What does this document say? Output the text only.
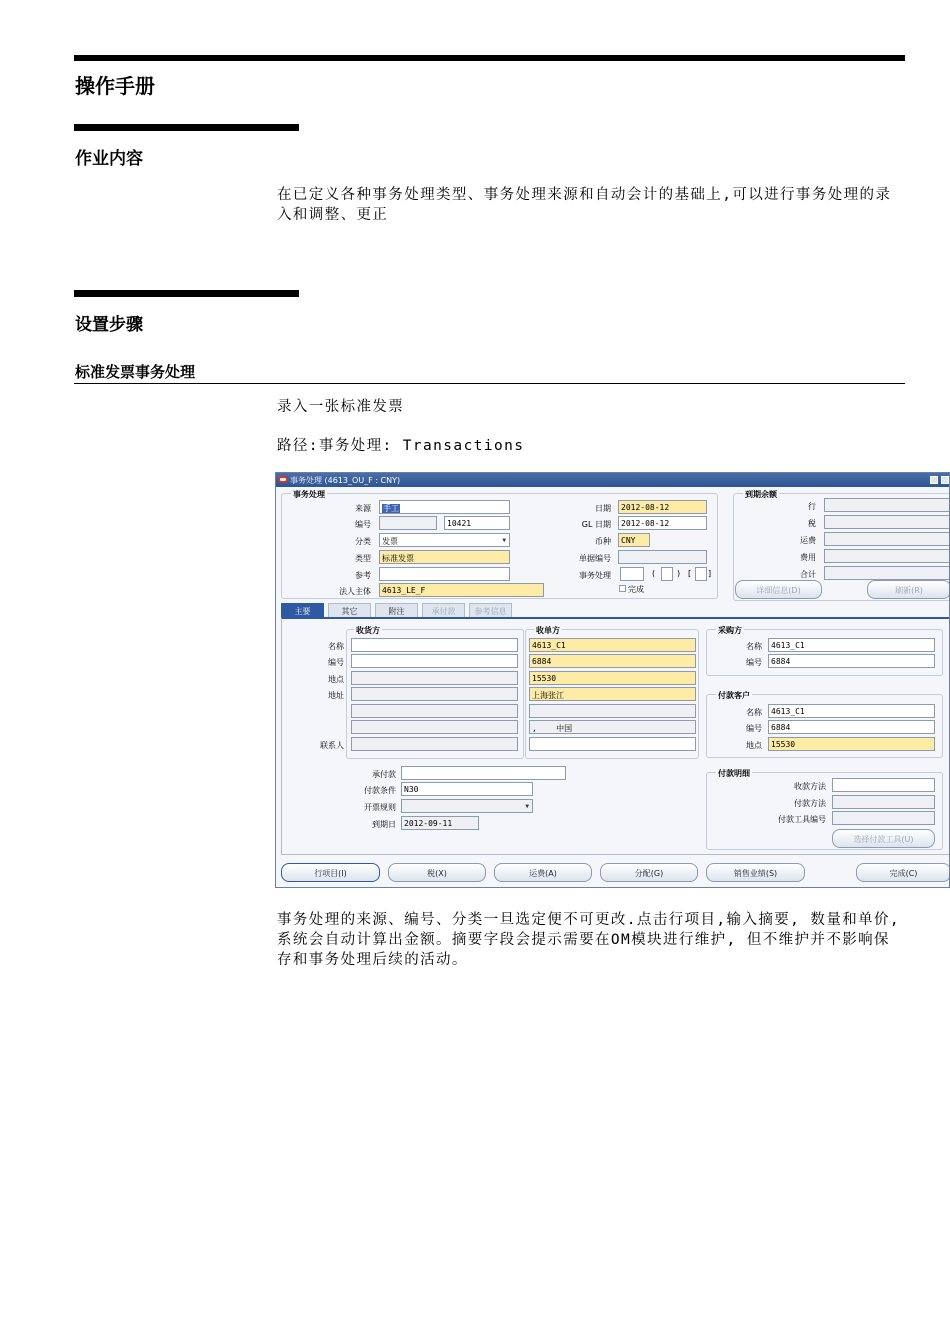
操作手册
作业内容
在已定义各种事务处理类型、事务处理来源和自动会计的基础上,可以进行事务处理的录入和调整、更正
设置步骤
标准发票事务处理
录入一张标准发票
路径:事务处理: Transactions
事务处理 (4613_OU_F : CNY)
事务处理
来源	手工
编号	10421
分类	发票	▼
类型	标准发票
参考
法人主体	4613_LE_F
日期	2012-08-12
GL 日期	2012-08-12
币种	CNY
单据编号
事务处理	(	) [ ]
完成
到期余额
行
税
运费
费用
合计
详细信息(D)	刷新(R)
主要	其它	附注	承付款	参考信息
收货方
名称
编号
地点
地址
联系人
收单方
4613_C1
6884
15530
上海张江
,    中国
采购方
名称	4613_C1
编号	6884
付款客户
名称	4613_C1
编号	6884
地点	15530
承付款
付款条件	N30
开票规则	▼
到期日	2012-09-11
付款明细
收款方法
付款方法
付款工具编号
选择付款工具(U)
行项目(I)	税(X)	运费(A)	分配(G)	销售业绩(S)	完成(C)
事务处理的来源、编号、分类一旦选定便不可更改.点击行项目,输入摘要, 数量和单价, 系统会自动计算出金额。摘要字段会提示需要在OM模块进行维护, 但不维护并不影响保存和事务处理后续的活动。
